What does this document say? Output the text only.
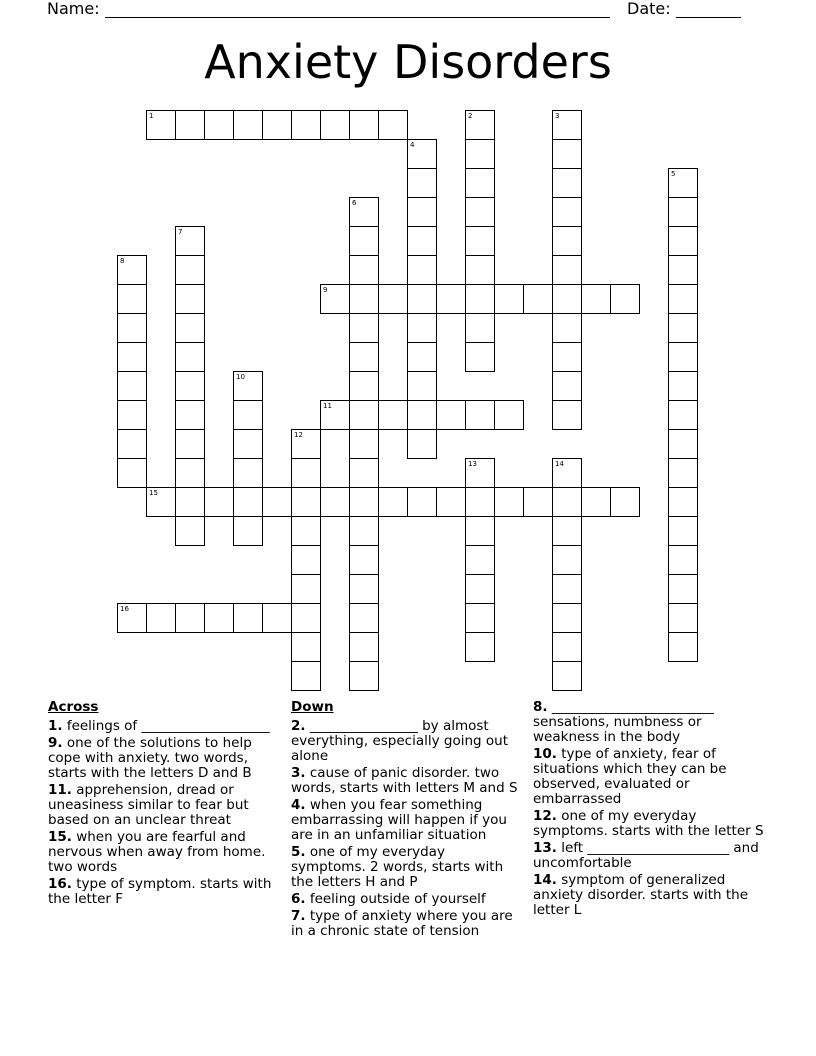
Name:	Date:
Anxiety Disorders
1	2	3
4
5
6
7
8
9
10
11
12
13	14
15
16
Across
1. feelings of ___________________
9. one of the solutions to help cope with anxiety. two words, starts with the letters D and B
11. apprehension, dread or uneasiness similar to fear but based on an unclear threat
15. when you are fearful and nervous when away from home. two words
16. type of symptom. starts with the letter F
Down
2. ________________ by almost everything, especially going out alone
3. cause of panic disorder. two words, starts with letters M and S
4. when you fear something embarrassing will happen if you are in an unfamiliar situation
5. one of my everyday symptoms. 2 words, starts with the letters H and P
6. feeling outside of yourself
7. type of anxiety where you are in a chronic state of tension
8. ________________________ sensations, numbness or weakness in the body
10. type of anxiety, fear of situations which they can be observed, evaluated or embarrassed
12. one of my everyday symptoms. starts with the letter S
13. left _____________________ and uncomfortable
14. symptom of generalized anxiety disorder. starts with the letter L
